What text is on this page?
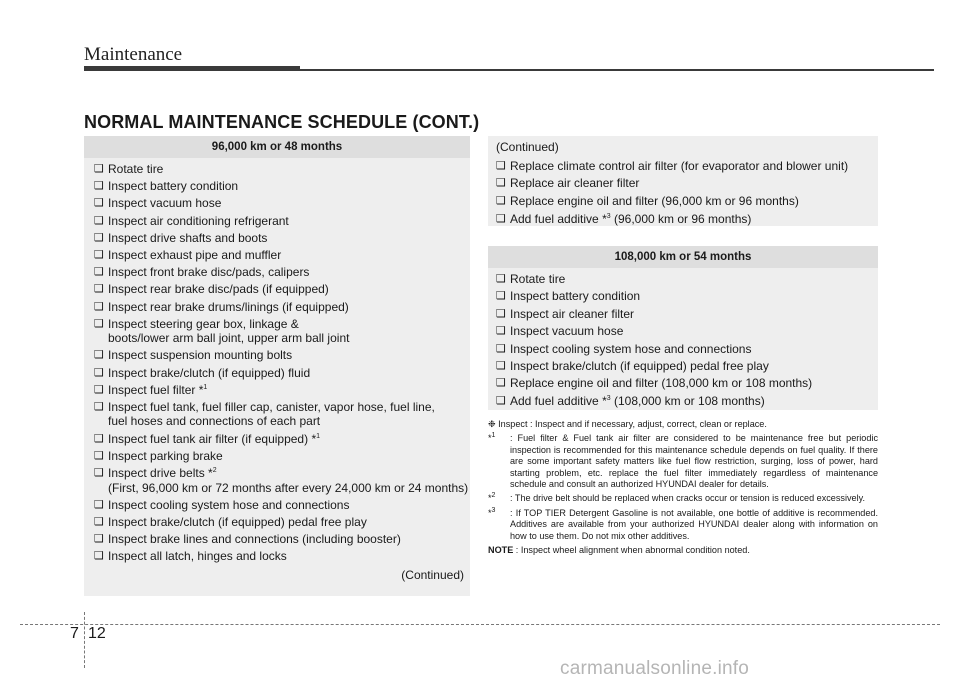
Maintenance
NORMAL MAINTENANCE SCHEDULE (CONT.)
96,000 km or 48 months
❑ Rotate tire
❑ Inspect battery condition
❑ Inspect vacuum hose
❑ Inspect air conditioning refrigerant
❑ Inspect drive shafts and boots
❑ Inspect exhaust pipe and muffler
❑ Inspect front brake disc/pads, calipers
❑ Inspect rear brake disc/pads (if equipped)
❑ Inspect rear brake drums/linings (if equipped)
❑ Inspect steering gear box, linkage &
boots/lower arm ball joint, upper arm ball joint
❑ Inspect suspension mounting bolts
❑ Inspect brake/clutch (if equipped) fluid
❑ Inspect fuel filter *$^1$
❑ Inspect fuel tank, fuel filler cap, canister, vapor hose, fuel line,
fuel hoses and connections of each part
❑ Inspect fuel tank air filter (if equipped) *$^1$
❑ Inspect parking brake
❑ Inspect drive belts *$^2$
(First, 96,000 km or 72 months after every 24,000 km or 24 months)
❑ Inspect cooling system hose and connections
❑ Inspect brake/clutch (if equipped) pedal free play
❑ Inspect brake lines and connections (including booster)
❑ Inspect all latch, hinges and locks
(Continued)
(Continued)
❑ Replace climate control air filter (for evaporator and blower unit)
❑ Replace air cleaner filter
❑ Replace engine oil and filter (96,000 km or 96 months)
❑ Add fuel additive *$^3$ (96,000 km or 96 months)
108,000 km or 54 months
❑ Rotate tire
❑ Inspect battery condition
❑ Inspect air cleaner filter
❑ Inspect vacuum hose
❑ Inspect cooling system hose and connections
❑ Inspect brake/clutch (if equipped) pedal free play
❑ Replace engine oil and filter (108,000 km or 108 months)
❑ Add fuel additive *$^3$ (108,000 km or 108 months)
❉ Inspect : Inspect and if necessary, adjust, correct, clean or replace.
*$^1$ : Fuel filter & Fuel tank air filter are considered to be maintenance free but periodic inspection is recommended for this maintenance schedule depends on fuel quality. If there are some important safety matters like fuel flow restriction, surging, loss of power, hard starting problem, etc. replace the fuel filter immediately regardless of maintenance schedule and consult an authorized HYUNDAI dealer for details.
*$^2$ : The drive belt should be replaced when cracks occur or tension is reduced excessively.
*$^3$ : If TOP TIER Detergent Gasoline is not available, one bottle of additive is recommended. Additives are available from your authorized HYUNDAI dealer along with information on how to use them. Do not mix other additives.
NOTE : Inspect wheel alignment when abnormal condition noted.
7 12
carmanualsonline.info
